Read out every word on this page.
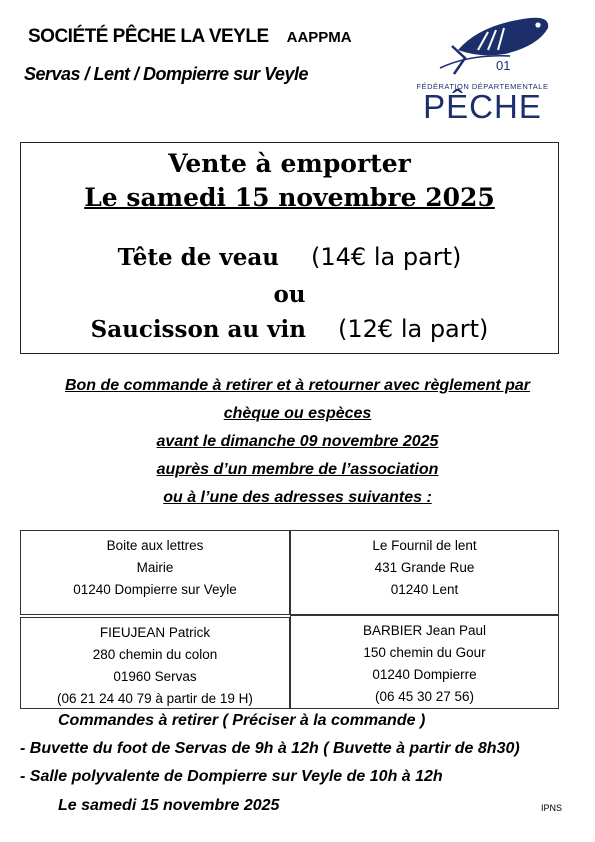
SOCIÉTÉ PÊCHE LA VEYLE AAPPMA
Servas / Lent / Dompierre sur Veyle	01
FÉDÉRATION DÉPARTEMENTALE
PÊCHE
Vente à emporter
Le samedi 15 novembre 2025
Tête de veau (14€ la part)
ou
Saucisson au vin (12€ la part)
Bon de commande à retirer et à retourner avec règlement par
chèque ou espèces
avant le dimanche 09 novembre 2025
auprès d’un membre de l’association
ou à l’une des adresses suivantes :
Boite aux lettres
Mairie
01240 Dompierre sur Veyle
Le Fournil de lent
431 Grande Rue
01240 Lent
FIEUJEAN Patrick
280 chemin du colon
01960 Servas
(06 21 24 40 79 à partir de 19 H)
BARBIER Jean Paul
150 chemin du Gour
01240 Dompierre
(06 45 30 27 56)
Commandes à retirer ( Préciser à la commande )
- Buvette du foot de Servas de 9h à 12h ( Buvette à partir de 8h30)
- Salle polyvalente de Dompierre sur Veyle de 10h à 12h
Le samedi 15 novembre 2025	IPNS
